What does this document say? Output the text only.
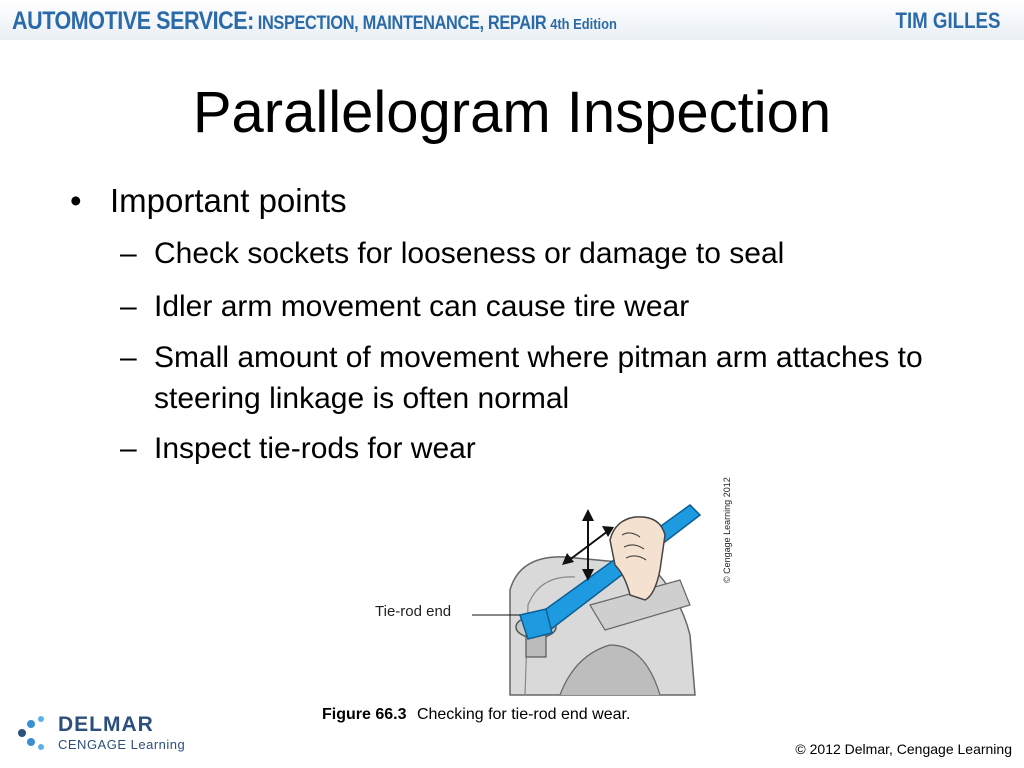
AUTOMOTIVE SERVICE: INSPECTION, MAINTENANCE, REPAIR 4th Edition	TIM GILLES
Parallelogram Inspection
• Important points
– Check sockets for looseness or damage to seal
– Idler arm movement can cause tire wear
– Small amount of movement where pitman arm attaches to steering linkage is often normal
– Inspect tie-rods for wear
Tie-rod end
© Cengage Learning 2012
Figure 66.3 Checking for tie-rod end wear.
DELMAR
CENGAGE Learning	© 2012 Delmar, Cengage Learning
